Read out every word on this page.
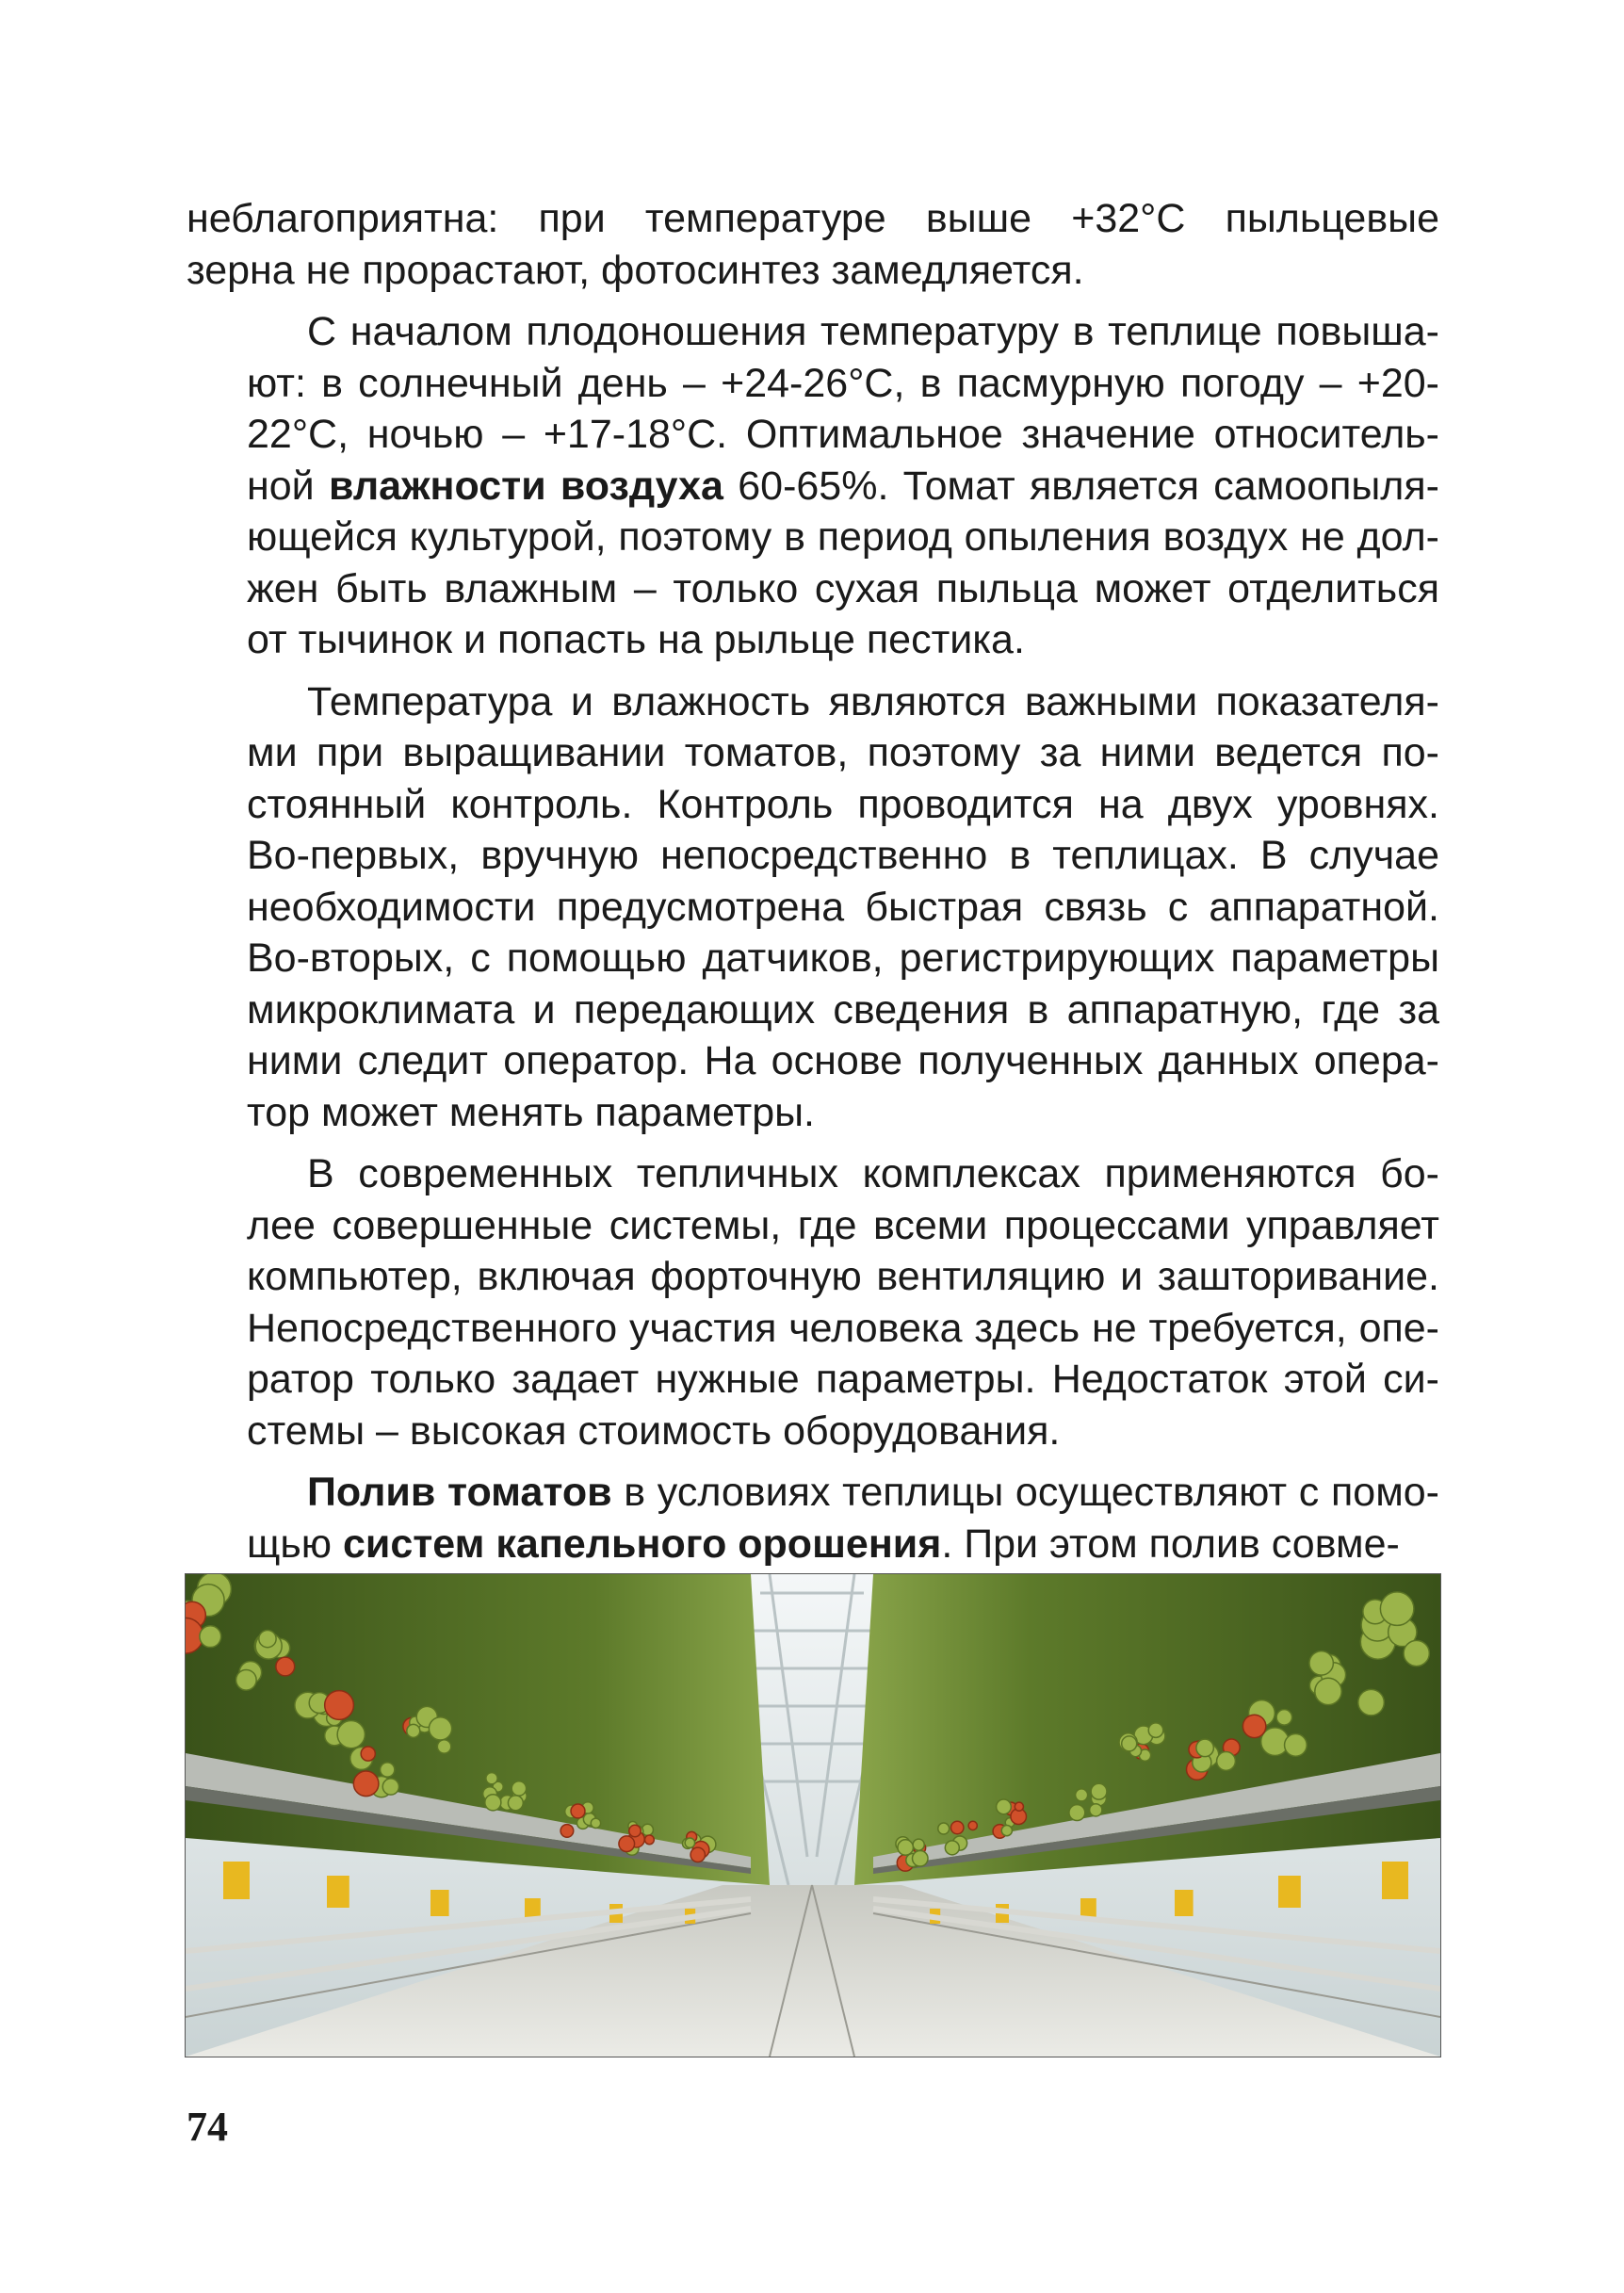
неблагоприятна: при температуре выше +32°С пыльцевые
зерна не прорастают, фотосинтез замедляется.

С началом плодоношения температуру в теплице повыша-
ют: в солнечный день – +24-26°С, в пасмурную погоду – +20-
22°С, ночью – +17-18°С. Оптимальное значение относитель-
ной влажности воздуха 60-65%. Томат является самоопыля-
ющейся культурой, поэтому в период опыления воздух не дол-
жен быть влажным – только сухая пыльца может отделиться
от тычинок и попасть на рыльце пестика.

Температура и влажность являются важными показателя-
ми при выращивании томатов, поэтому за ними ведется по-
стоянный контроль. Контроль проводится на двух уровнях.
Во-первых, вручную непосредственно в теплицах. В случае
необходимости предусмотрена быстрая связь с аппаратной.
Во-вторых, с помощью датчиков, регистрирующих параметры
микроклимата и передающих сведения в аппаратную, где за
ними следит оператор. На основе полученных данных опера-
тор может менять параметры.

В современных тепличных комплексах применяются бо-
лее совершенные системы, где всеми процессами управляет
компьютер, включая форточную вентиляцию и зашторивание.
Непосредственного участия человека здесь не требуется, опе-
ратор только задает нужные параметры. Недостаток этой си-
стемы – высокая стоимость оборудования.

Полив томатов в условиях теплицы осуществляют с помо-
щью систем капельного орошения. При этом полив совме-

74
